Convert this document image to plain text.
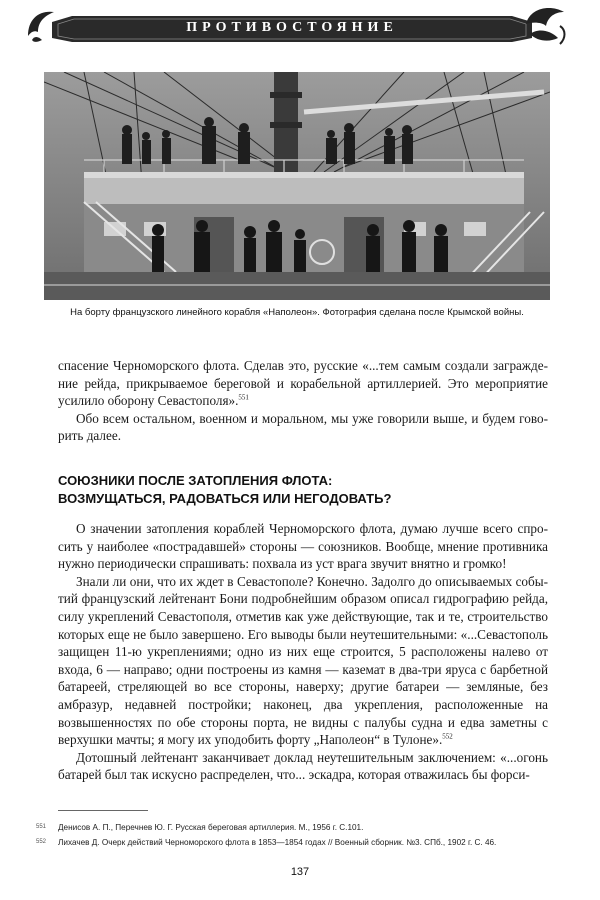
ПРОТИВОСТОЯНИЕ
На борту французского линейного корабля «Наполеон». Фотография сделана после Крымской войны.

спасение Черноморского флота. Сделав это, русские «...тем самым создали заграждение рейда, прикрываемое береговой и корабельной артиллерией. Это мероприятие усилило оборону Севастополя».$^{551}$

Обо всем остальном, военном и моральном, мы уже говорили выше, и будем говорить далее.

СОЮЗНИКИ ПОСЛЕ ЗАТОПЛЕНИЯ ФЛОТА:
ВОЗМУЩАТЬСЯ, РАДОВАТЬСЯ ИЛИ НЕГОДОВАТЬ?

О значении затопления кораблей Черноморского флота, думаю лучше всего спросить у наиболее «пострадавшей» стороны — союзников. Вообще, мнение противника нужно периодически спрашивать: похвала из уст врага звучит внятно и громко!

Знали ли они, что их ждет в Севастополе? Конечно. Задолго до описываемых событий французский лейтенант Бони подробнейшим образом описал гидрографию рейда, силу укреплений Севастополя, отметив как уже действующие, так и те, строительство которых еще не было завершено. Его выводы были неутешительными: «...Севастополь защищен 11-ю укреплениями; одно из них еще строится, 5 расположены налево от входа, 6 — направо; одни построены из камня — каземат в два-три яруса с барбетной батареей, стреляющей во все стороны, наверху; другие батареи — земляные, без амбразур, недавней постройки; наконец, два укрепления, расположенные на возвышенностях по обе стороны порта, не видны с палубы судна и едва заметны с верхушки мачты; я могу их уподобить форту „Наполеон“ в Тулоне».$^{552}$

Дотошный лейтенант заканчивает доклад неутешительным заключением: «...огонь батарей был так искусно распределен, что... эскадра, которая отважилась бы форси-

551 Денисов А. П., Перечнев Ю. Г. Русская береговая артиллерия. М., 1956 г. С.101.
552 Лихачев Д. Очерк действий Черноморского флота в 1853—1854 годах // Военный сборник. №3. СПб., 1902 г. С. 46.
137
